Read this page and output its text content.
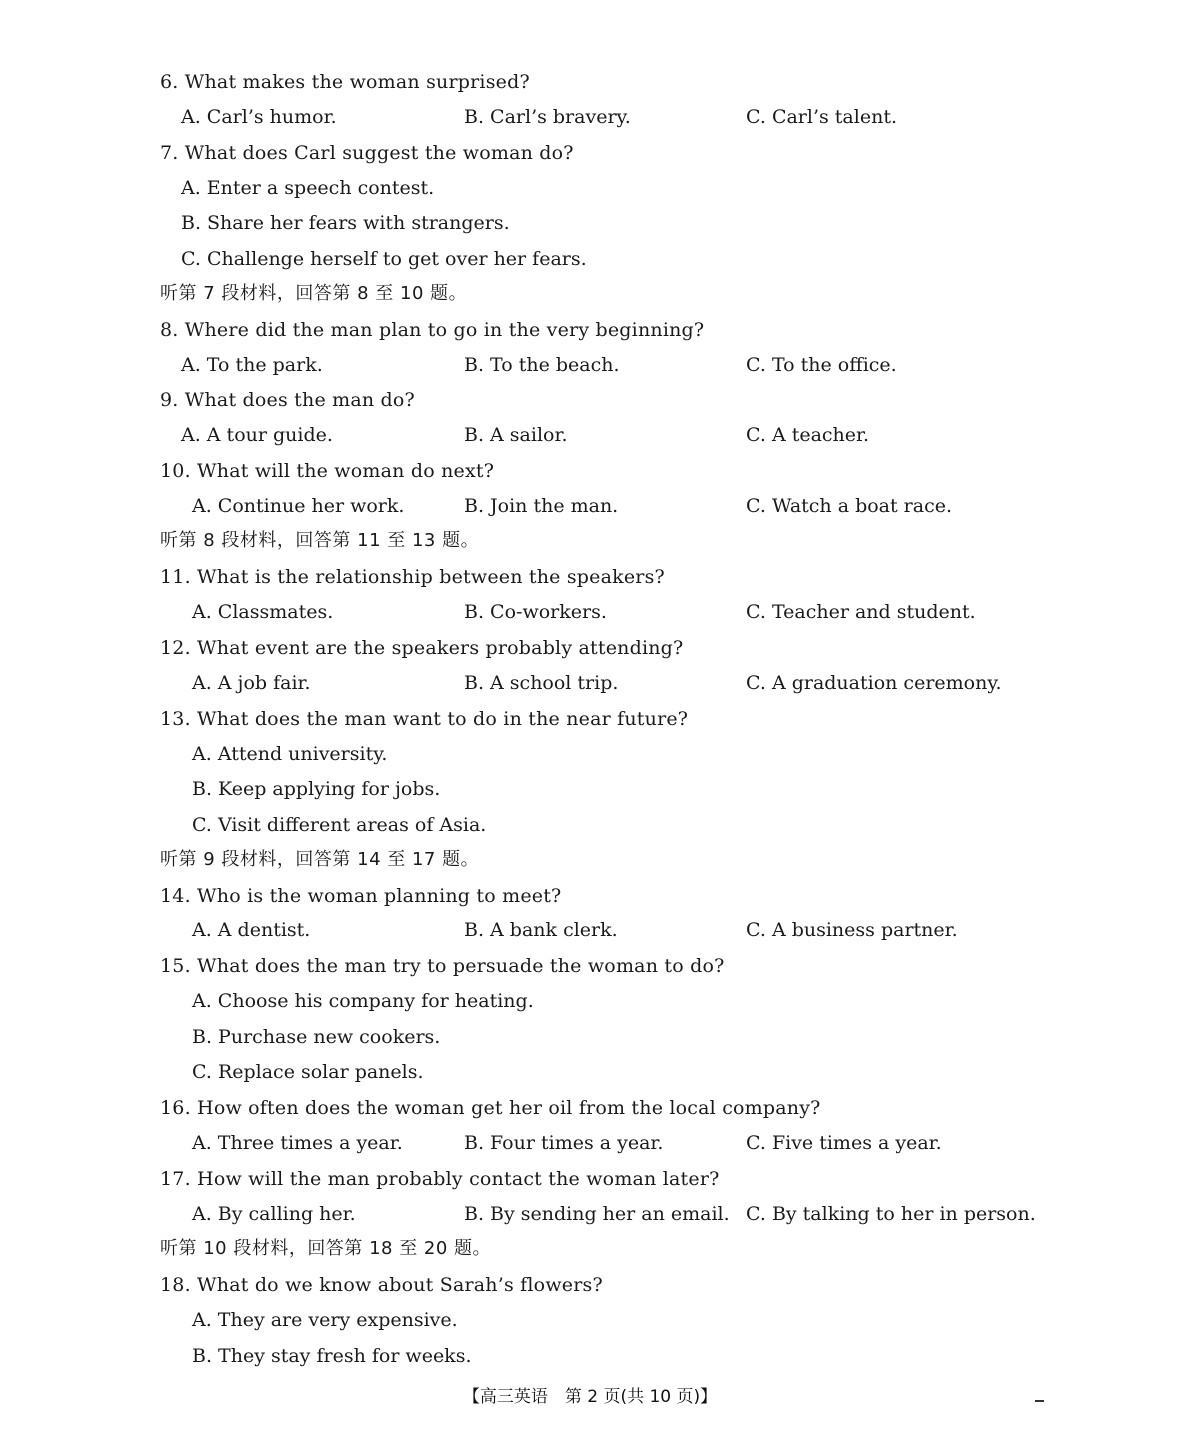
6. What makes the woman surprised?
A. Carl’s humor.	B. Carl’s bravery.	C. Carl’s talent.
7. What does Carl suggest the woman do?
A. Enter a speech contest.
B. Share her fears with strangers.
C. Challenge herself to get over her fears.
听第 7 段材料，回答第 8 至 10 题。
8. Where did the man plan to go in the very beginning?
A. To the park.	B. To the beach.	C. To the office.
9. What does the man do?
A. A tour guide.	B. A sailor.	C. A teacher.
10. What will the woman do next?
A. Continue her work.	B. Join the man.	C. Watch a boat race.
听第 8 段材料，回答第 11 至 13 题。
11. What is the relationship between the speakers?
A. Classmates.	B. Co-workers.	C. Teacher and student.
12. What event are the speakers probably attending?
A. A job fair.	B. A school trip.	C. A graduation ceremony.
13. What does the man want to do in the near future?
A. Attend university.
B. Keep applying for jobs.
C. Visit different areas of Asia.
听第 9 段材料，回答第 14 至 17 题。
14. Who is the woman planning to meet?
A. A dentist.	B. A bank clerk.	C. A business partner.
15. What does the man try to persuade the woman to do?
A. Choose his company for heating.
B. Purchase new cookers.
C. Replace solar panels.
16. How often does the woman get her oil from the local company?
A. Three times a year.	B. Four times a year.	C. Five times a year.
17. How will the man probably contact the woman later?
A. By calling her.	B. By sending her an email. C. By talking to her in person.
听第 10 段材料，回答第 18 至 20 题。
18. What do we know about Sarah’s flowers?
A. They are very expensive.
B. They stay fresh for weeks.
【高三英语　第 2 页(共 10 页)】
